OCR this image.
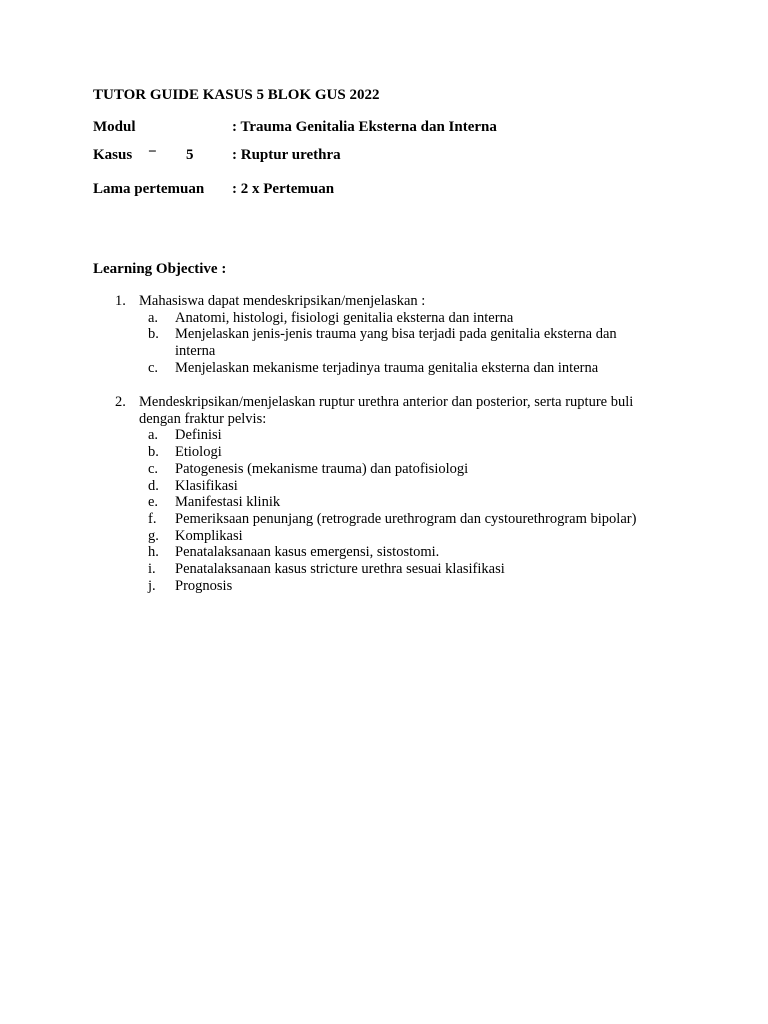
TUTOR GUIDE KASUS 5 BLOK GUS 2022
Modul	: Trauma Genitalia Eksterna dan Interna
Kasus − 5	: Ruptur urethra
Lama pertemuan : 2 x Pertemuan
Learning Objective :
1. Mahasiswa dapat mendeskripsikan/menjelaskan :
a. Anatomi, histologi, fisiologi genitalia eksterna dan interna
b. Menjelaskan jenis-jenis trauma yang bisa terjadi pada genitalia eksterna dan interna
c. Menjelaskan mekanisme terjadinya trauma genitalia eksterna dan interna
2. Mendeskripsikan/menjelaskan ruptur urethra anterior dan posterior, serta rupture buli dengan fraktur pelvis:
a. Definisi
b. Etiologi
c. Patogenesis (mekanisme trauma) dan patofisiologi
d. Klasifikasi
e. Manifestasi klinik
f. Pemeriksaan penunjang (retrograde urethrogram dan cystourethrogram bipolar)
g. Komplikasi
h. Penatalaksanaan kasus emergensi, sistostomi.
i. Penatalaksanaan kasus stricture urethra sesuai klasifikasi
j. Prognosis
